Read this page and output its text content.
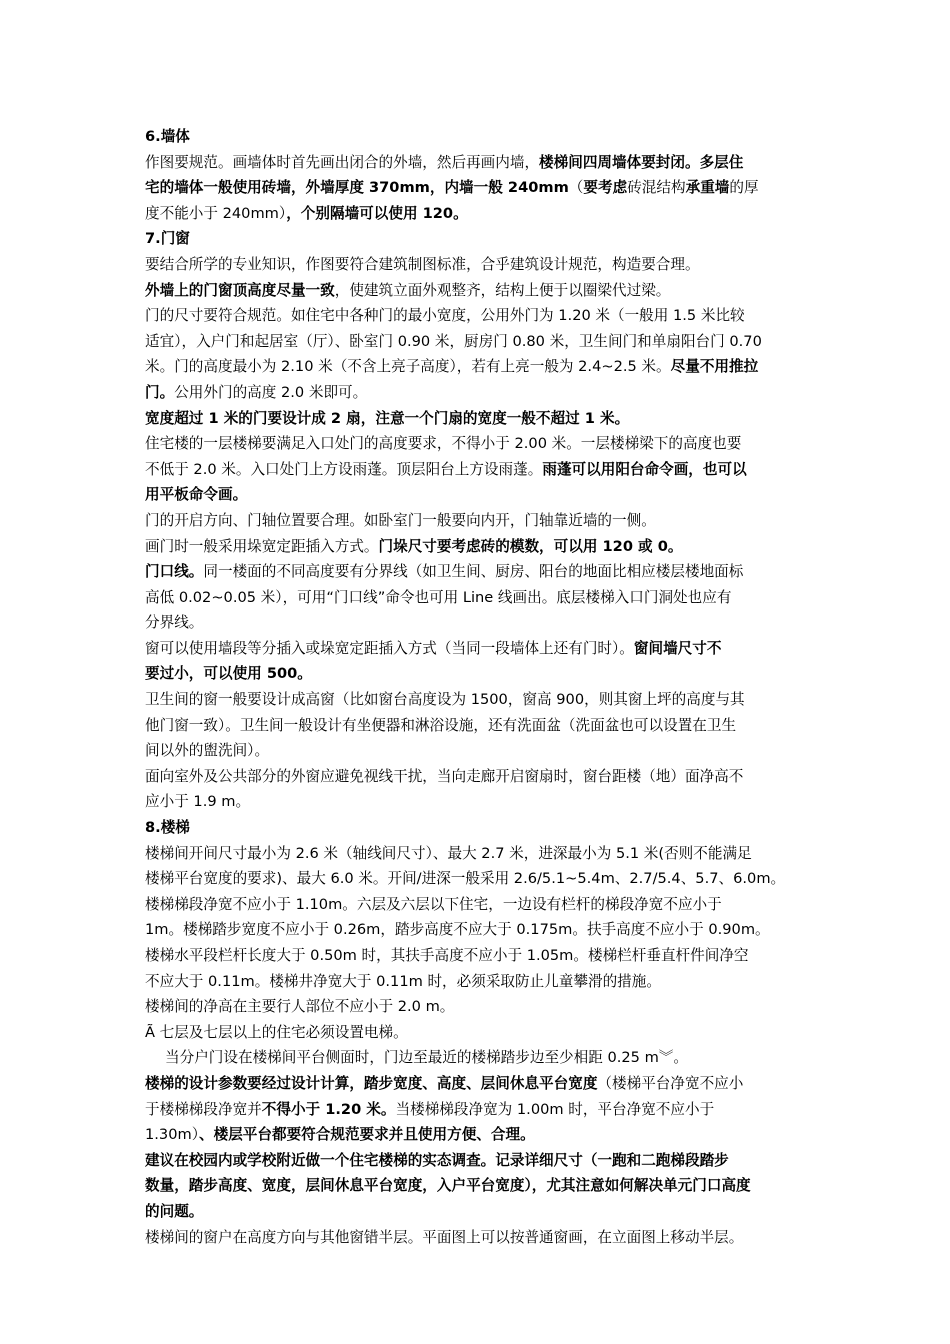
6.墙体

作图要规范。画墙体时首先画出闭合的外墙，然后再画内墙，楼梯间四周墙体要封闭。多层住

宅的墙体一般使用砖墙，外墙厚度 370mm，内墙一般 240mm（要考虑砖混结构承重墙的厚

度不能小于 240mm），个别隔墙可以使用 120。

7.门窗

要结合所学的专业知识，作图要符合建筑制图标准，合乎建筑设计规范，构造要合理。

外墙上的门窗顶高度尽量一致，使建筑立面外观整齐，结构上便于以圈梁代过梁。

门的尺寸要符合规范。如住宅中各种门的最小宽度，公用外门为 1.20 米（一般用 1.5 米比较

适宜），入户门和起居室（厅）、卧室门 0.90 米，厨房门 0.80 米，卫生间门和单扇阳台门 0.70

米。门的高度最小为 2.10 米（不含上亮子高度），若有上亮一般为 2.4~2.5 米。尽量不用推拉

门。公用外门的高度 2.0 米即可。

宽度超过 1 米的门要设计成 2 扇，注意一个门扇的宽度一般不超过 1 米。

住宅楼的一层楼梯要满足入口处门的高度要求，不得小于 2.00 米。一层楼梯梁下的高度也要

不低于 2.0 米。入口处门上方设雨蓬。顶层阳台上方设雨蓬。雨蓬可以用阳台命令画，也可以

用平板命令画。

门的开启方向、门轴位置要合理。如卧室门一般要向内开，门轴靠近墙的一侧。

画门时一般采用垛宽定距插入方式。门垛尺寸要考虑砖的模数，可以用 120 或 0。

门口线。同一楼面的不同高度要有分界线（如卫生间、厨房、阳台的地面比相应楼层楼地面标

高低 0.02~0.05 米），可用“门口线”命令也可用 Line 线画出。底层楼梯入口门洞处也应有

分界线。

窗可以使用墙段等分插入或垛宽定距插入方式（当同一段墙体上还有门时）。窗间墙尺寸不

要过小，可以使用 500。

卫生间的窗一般要设计成高窗（比如窗台高度设为 1500，窗高 900，则其窗上坪的高度与其

他门窗一致）。卫生间一般设计有坐便器和淋浴设施，还有洗面盆（洗面盆也可以设置在卫生

间以外的盥洗间）。

面向室外及公共部分的外窗应避免视线干扰，当向走廊开启窗扇时，窗台距楼（地）面净高不

应小于 1.9 m。

8.楼梯

楼梯间开间尺寸最小为 2.6 米（轴线间尺寸）、最大 2.7 米，进深最小为 5.1 米(否则不能满足

楼梯平台宽度的要求)、最大 6.0 米。开间/进深一般采用 2.6/5.1~5.4m、2.7/5.4、5.7、6.0m。

楼梯梯段净宽不应小于 1.10m。六层及六层以下住宅，一边设有栏杆的梯段净宽不应小于

1m。楼梯踏步宽度不应小于 0.26m，踏步高度不应大于 0.175m。扶手高度不应小于 0.90m。

楼梯水平段栏杆长度大于 0.50m 时，其扶手高度不应小于 1.05m。楼梯栏杆垂直杆件间净空

不应大于 0.11m。楼梯井净宽大于 0.11m 时，必须采取防止儿童攀滑的措施。

楼梯间的净高在主要行人部位不应小于 2.0 m。

Ã 七层及七层以上的住宅必须设置电梯。

当分户门设在楼梯间平台侧面时，门边至最近的楼梯踏步边至少相距 0.25 m︾。

楼梯的设计参数要经过设计计算，踏步宽度、高度、层间休息平台宽度（楼梯平台净宽不应小

于楼梯梯段净宽并不得小于 1.20 米。当楼梯梯段净宽为 1.00m 时，平台净宽不应小于

1.30m）、楼层平台都要符合规范要求并且使用方便、合理。

建议在校园内或学校附近做一个住宅楼梯的实态调查。记录详细尺寸（一跑和二跑梯段踏步

数量，踏步高度、宽度，层间休息平台宽度，入户平台宽度），尤其注意如何解决单元门口高度

的问题。

楼梯间的窗户在高度方向与其他窗错半层。平面图上可以按普通窗画，在立面图上移动半层。
